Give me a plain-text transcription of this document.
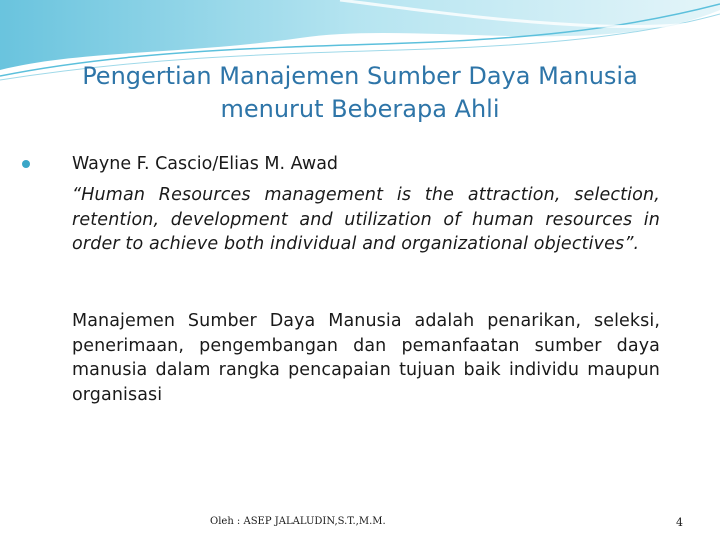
Pengertian Manajemen Sumber Daya Manusia
menurut Beberapa Ahli
Wayne F. Cascio/Elias M. Awad
“Human Resources management is the attraction, selection, retention, development and utilization of human resources in order to achieve both individual and organizational objectives”.
Manajemen Sumber Daya Manusia adalah penarikan, seleksi, penerimaan, pengembangan dan pemanfaatan sumber daya manusia dalam rangka pencapaian tujuan baik individu maupun organisasi
Oleh : ASEP JALALUDIN,S.T.,M.M.	4
